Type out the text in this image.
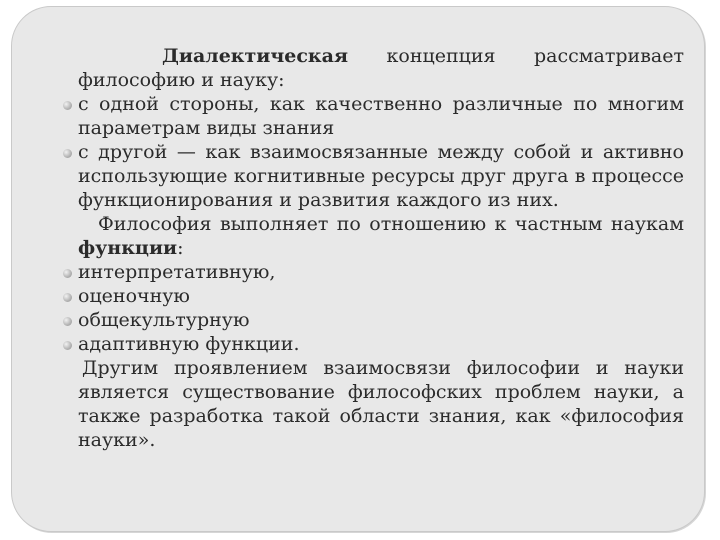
Диалектическая концепция рассматривает философию и науку:

с одной стороны, как качественно различные по многим параметрам виды знания
с другой — как взаимосвязанные между собой и активно использующие когнитивные ресурсы друг друга в процессе функционирования и развития каждого из них.

Философия выполняет по отношению к частным наукам функции:

интерпретативную,
оценочную
общекультурную
адаптивную функции.

Другим проявлением взаимосвязи философии и науки является существование философских проблем науки, а также разработка такой области знания, как «философия науки».
